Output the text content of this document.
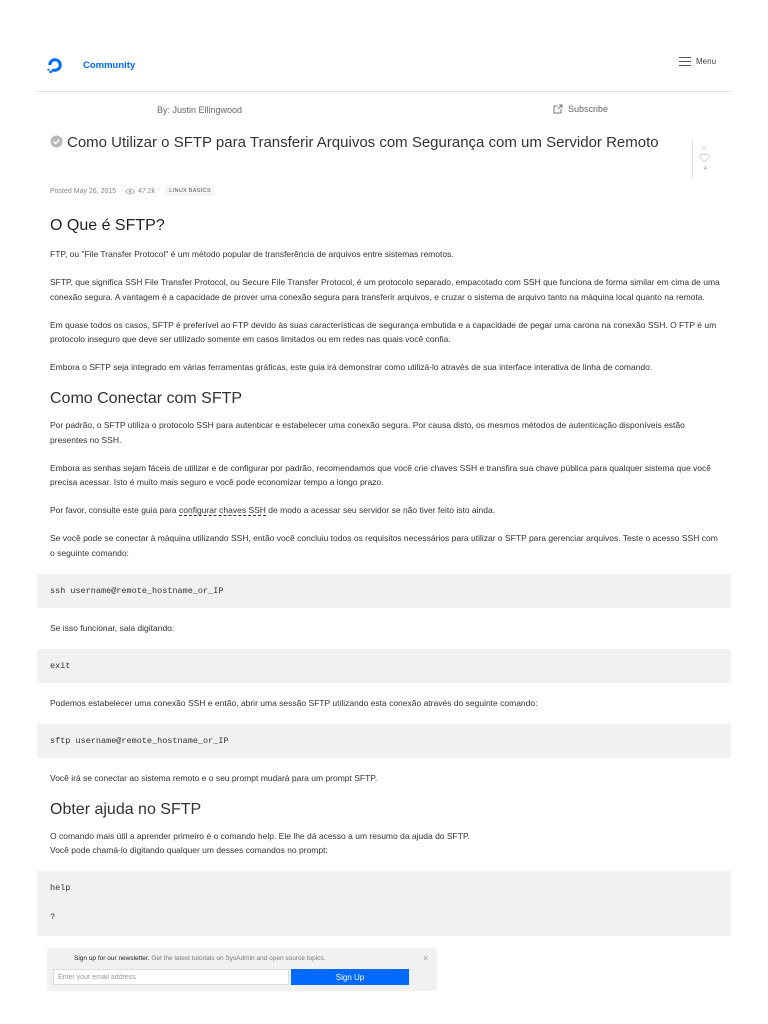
Community	Menu
By: Justin Ellingwood	Subscribe
Como Utilizar o SFTP para Transferir Arquivos com Segurança com um Servidor Remoto
4
Posted May 26, 2015	47.2k	LINUX BASICS
O Que é SFTP?

FTP, ou "File Transfer Protocol" é um método popular de transferência de arquivos entre sistemas remotos.

SFTP, que significa SSH File Transfer Protocol, ou Secure File Transfer Protocol, é um protocolo separado, empacotado com SSH que funciona de forma similar em cima de uma conexão segura. A vantagem é a capacidade de prover uma conexão segura para transferir arquivos, e cruzar o sistema de arquivo tanto na máquina local quanto na remota.

Em quase todos os casos, SFTP é preferível ao FTP devido às suas características de segurança embutida e a capacidade de pegar uma carona na conexão SSH. O FTP é um protocolo inseguro que deve ser utilizado somente em casos limitados ou em redes nas quais você confia.

Embora o SFTP seja integrado em várias ferramentas gráficas, este guia irá demonstrar como utilizá-lo através de sua interface interativa de linha de comando.

Como Conectar com SFTP

Por padrão, o SFTP utiliza o protocolo SSH para autenticar e estabelecer uma conexão segura. Por causa disto, os mesmos métodos de autenticação disponíveis estão presentes no SSH.

Embora as senhas sejam fáceis de utilizar e de configurar por padrão, recomendamos que você crie chaves SSH e transfira sua chave pública para qualquer sistema que você precisa acessar. Isto é muito mais seguro e você pode economizar tempo a longo prazo.

Por favor, consulte este guia para configurar chaves SSH de modo a acessar seu servidor se não tiver feito isto ainda.

Se você pode se conectar à máquina utilizando SSH, então você concluiu todos os requisitos necessários para utilizar o SFTP para gerenciar arquivos. Teste o acesso SSH com o seguinte comando:

ssh username@remote_hostname_or_IP

Se isso funcionar, saia digitando:

exit

Podemos estabelecer uma conexão SSH e então, abrir uma sessão SFTP utilizando esta conexão através do seguinte comando:

sftp username@remote_hostname_or_IP

Você irá se conectar ao sistema remoto e o seu prompt mudará para um prompt SFTP.

Obter ajuda no SFTP

O comando mais útil a aprender primeiro é o comando help. Ele lhe dá acesso a um resumo da ajuda do SFTP.

Você pode chamá-lo digitando qualquer um desses comandos no prompt:

help
?
Sign up for our newsletter. Get the latest tutorials on SysAdmin and open source topics.	×
Enter your email address
Sign Up
